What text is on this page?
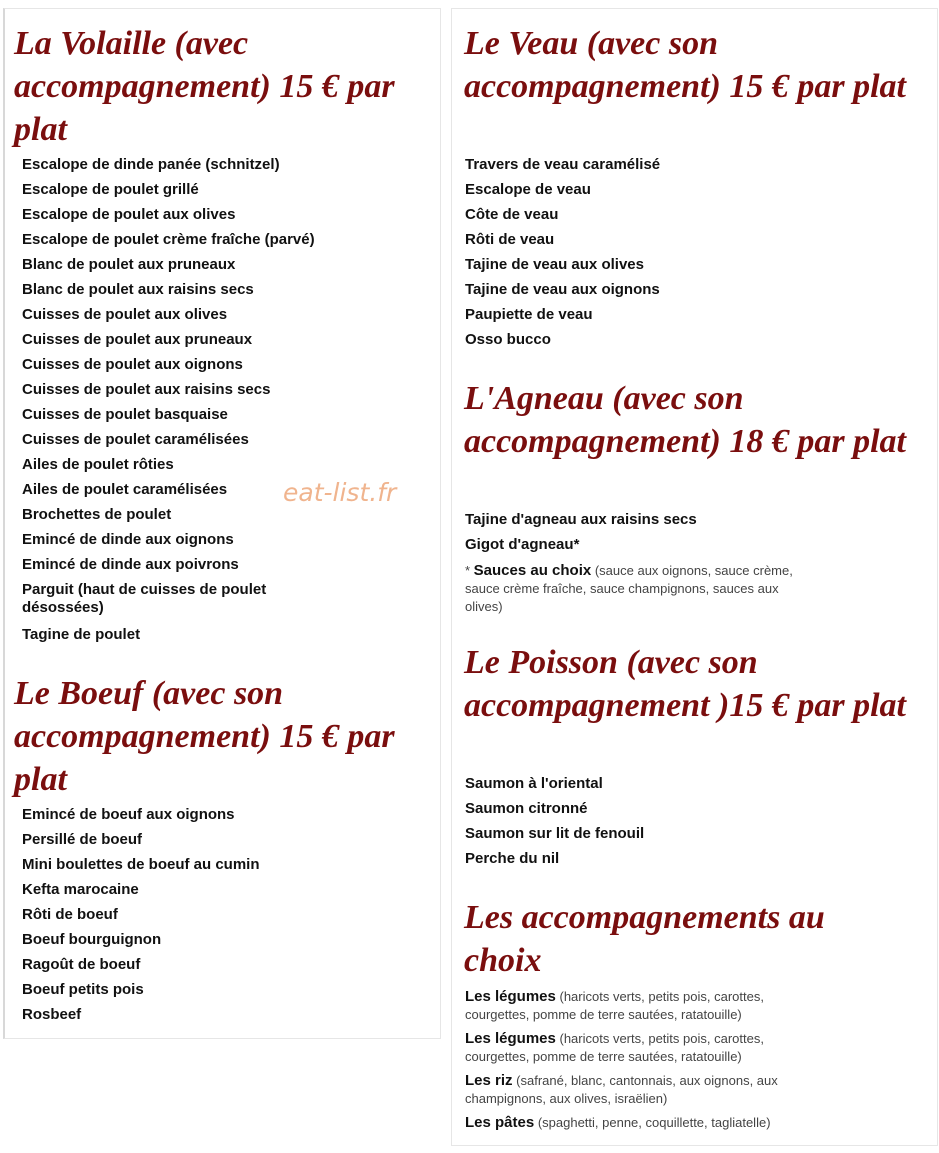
La Volaille (avec accompagnement) 15 € par plat
Escalope de dinde panée (schnitzel)
Escalope de poulet grillé
Escalope de poulet aux olives
Escalope de poulet crème fraîche (parvé)
Blanc de poulet aux pruneaux
Blanc de poulet aux raisins secs
Cuisses de poulet aux olives
Cuisses de poulet aux pruneaux
Cuisses de poulet aux oignons
Cuisses de poulet aux raisins secs
Cuisses de poulet basquaise
Cuisses de poulet caramélisées
Ailes de poulet rôties
Ailes de poulet caramélisées
Brochettes de poulet
Emincé de dinde aux oignons
Emincé de dinde aux poivrons
Parguit (haut de cuisses de poulet désossées)
Tagine de poulet
eat-list.fr
Le Boeuf (avec son accompagnement) 15 € par plat
Emincé de boeuf aux oignons
Persillé de boeuf
Mini boulettes de boeuf au cumin
Kefta marocaine
Rôti de boeuf
Boeuf bourguignon
Ragoût de boeuf
Boeuf petits pois
Rosbeef
Le Veau (avec son accompagnement) 15 € par plat
Travers de veau caramélisé
Escalope de veau
Côte de veau
Rôti de veau
Tajine de veau aux olives
Tajine de veau aux oignons
Paupiette de veau
Osso bucco
L'Agneau (avec son accompagnement) 18 € par plat
Tajine d'agneau aux raisins secs
Gigot d'agneau*
* Sauces au choix (sauce aux oignons, sauce crème, sauce crème fraîche, sauce champignons, sauces aux olives)
Le Poisson (avec son accompagnement )15 € par plat
Saumon à l'oriental
Saumon citronné
Saumon sur lit de fenouil
Perche du nil
Les accompagnements au choix
Les légumes (haricots verts, petits pois, carottes, courgettes, pomme de terre sautées, ratatouille)
Les légumes (haricots verts, petits pois, carottes, courgettes, pomme de terre sautées, ratatouille)
Les riz (safrané, blanc, cantonnais, aux oignons, aux champignons, aux olives, israëlien)
Les pâtes (spaghetti, penne, coquillette, tagliatelle)
